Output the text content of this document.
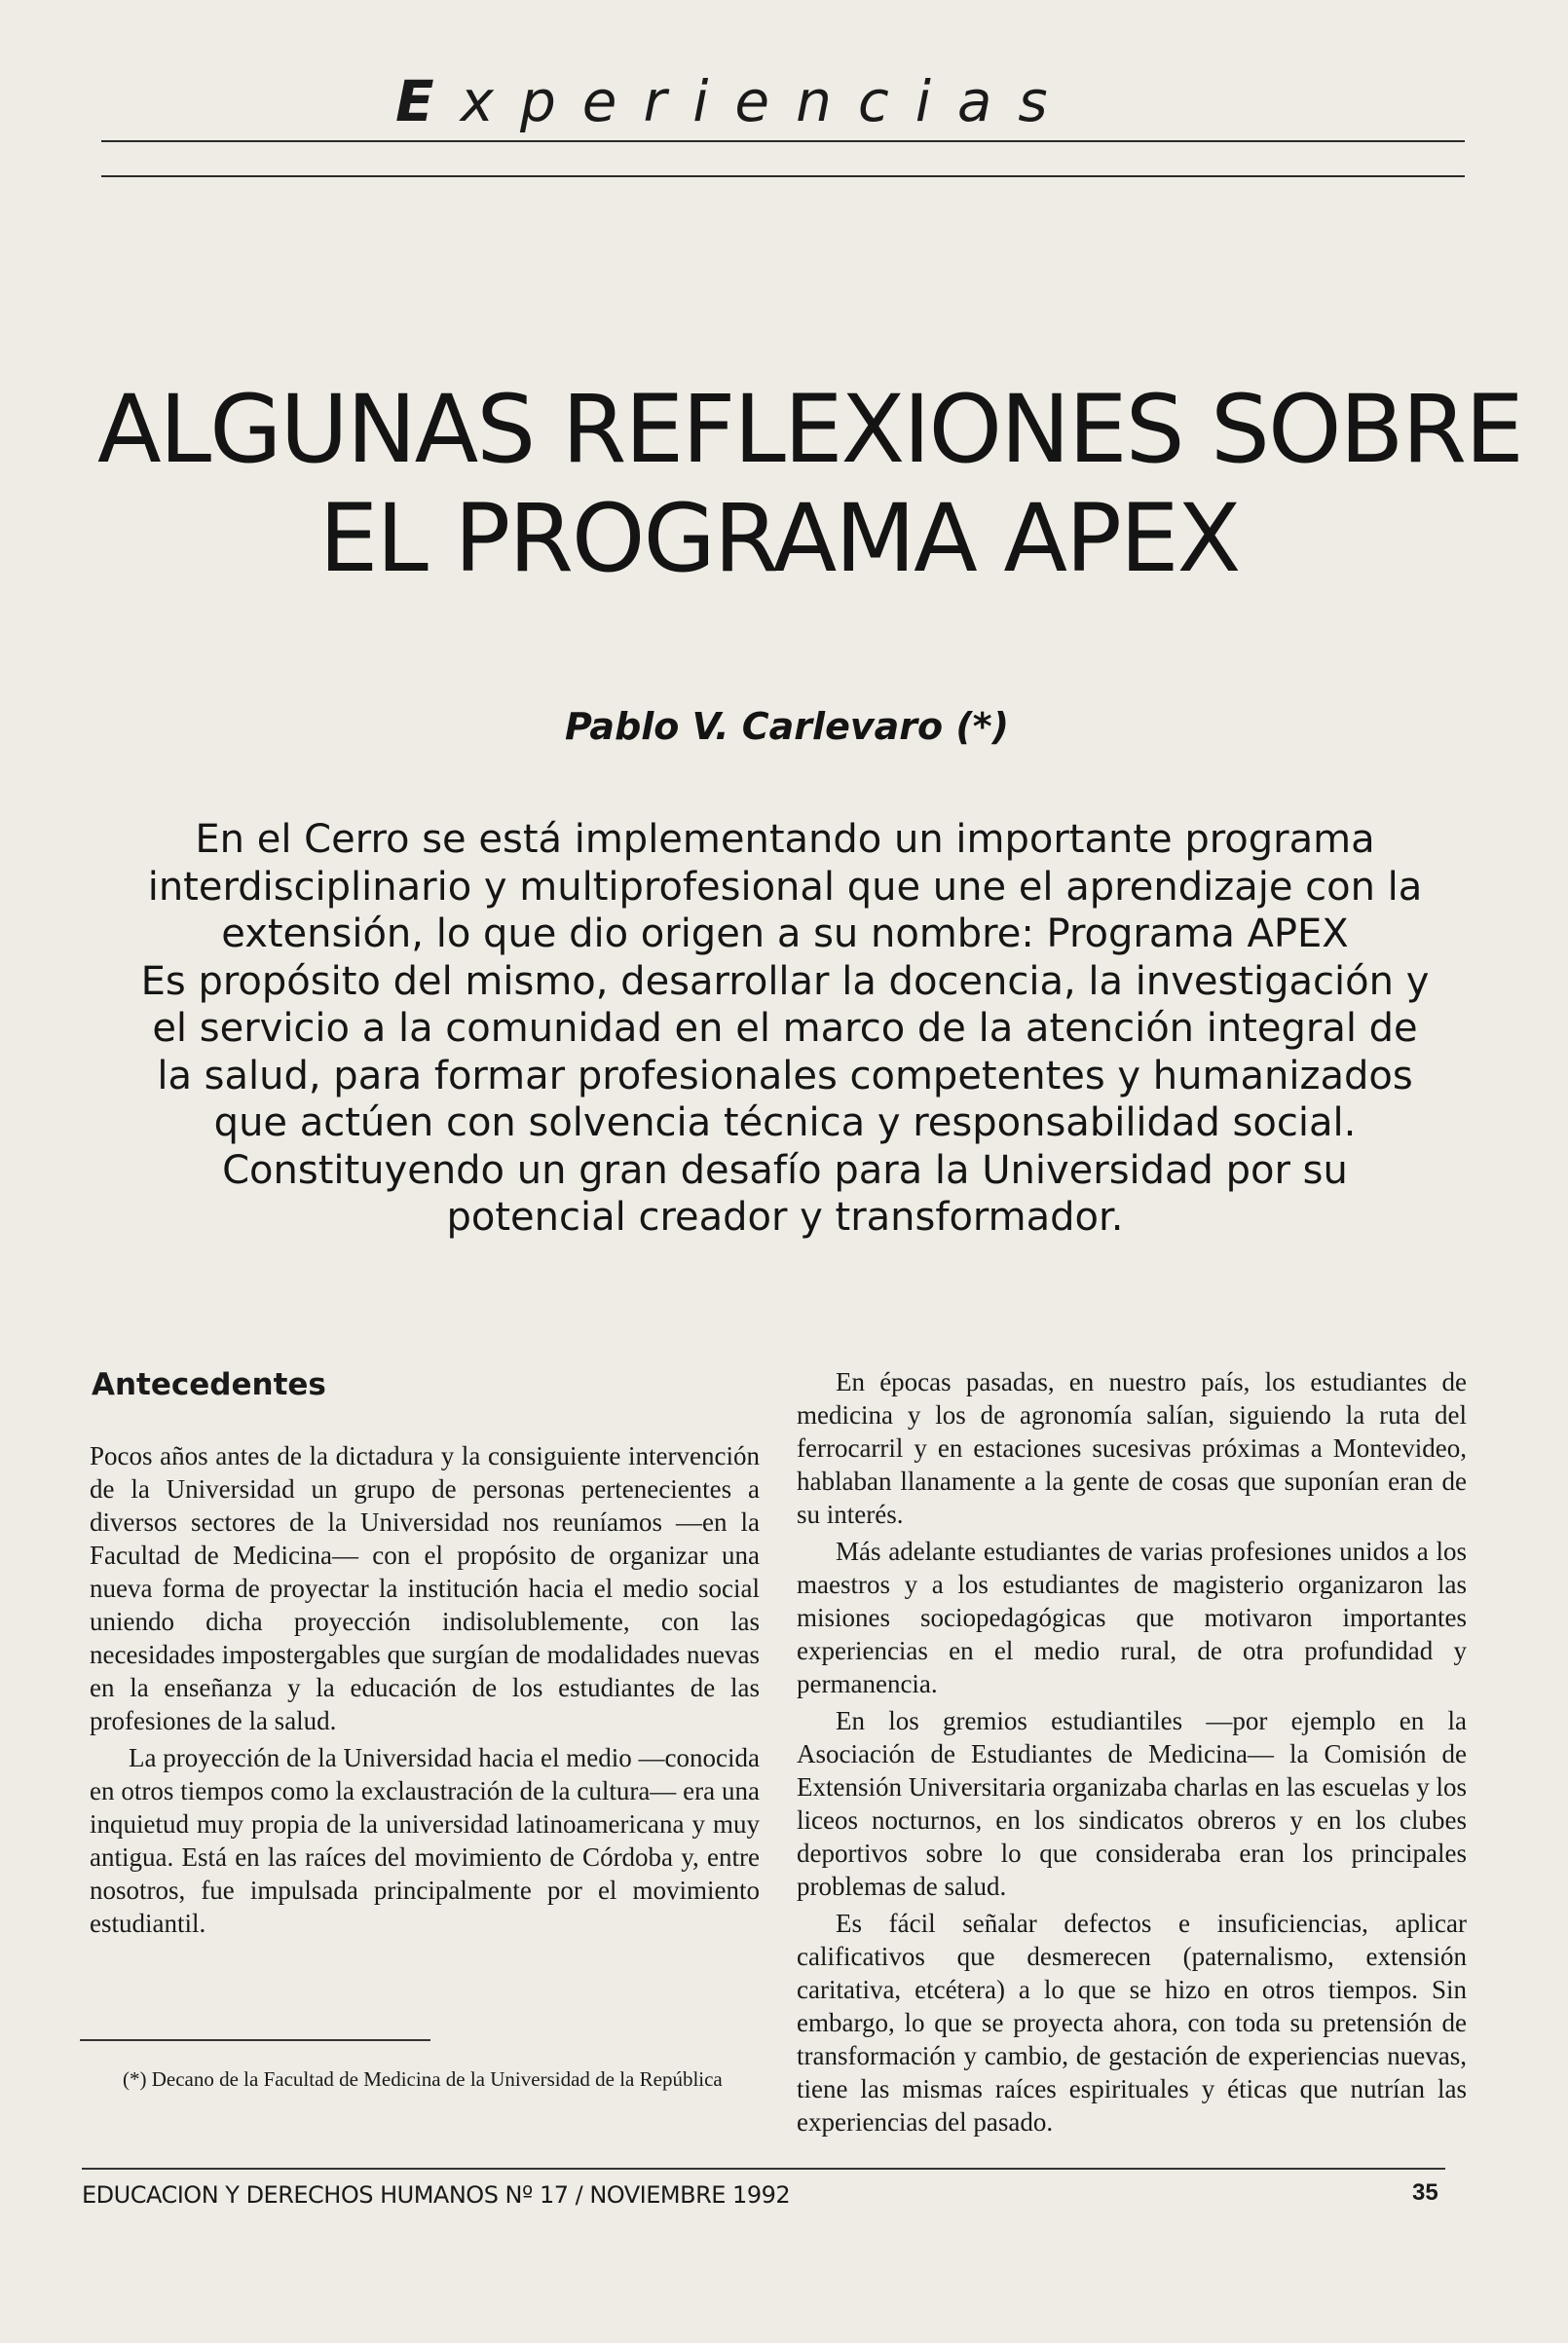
Experiencias
ALGUNAS REFLEXIONES SOBRE
EL PROGRAMA APEX
Pablo V. Carlevaro (*)
En el Cerro se está implementando un importante programa
interdisciplinario y multiprofesional que une el aprendizaje con la
extensión, lo que dio origen a su nombre: Programa APEX
Es propósito del mismo, desarrollar la docencia, la investigación y
el servicio a la comunidad en el marco de la atención integral de
la salud, para formar profesionales competentes y humanizados
que actúen con solvencia técnica y responsabilidad social.
Constituyendo un gran desafío para la Universidad por su
potencial creador y transformador.
Antecedentes

Pocos años antes de la dictadura y la consiguiente intervención de la Universidad un grupo de personas pertenecientes a diversos sectores de la Universidad nos reuníamos —en la Facultad de Medicina— con el propósito de organizar una nueva forma de proyectar la institución hacia el medio social uniendo dicha proyección indisolublemente, con las necesidades impostergables que surgían de modalidades nuevas en la enseñanza y la educación de los estudiantes de las profesiones de la salud.

La proyección de la Universidad hacia el medio —conocida en otros tiempos como la exclaustración de la cultura— era una inquietud muy propia de la universidad latinoamericana y muy antigua. Está en las raíces del movimiento de Córdoba y, entre nosotros, fue impulsada principalmente por el movimiento estudiantil.

En épocas pasadas, en nuestro país, los estudiantes de medicina y los de agronomía salían, siguiendo la ruta del ferrocarril y en estaciones sucesivas próximas a Montevideo, hablaban llanamente a la gente de cosas que suponían eran de su interés.

Más adelante estudiantes de varias profesiones unidos a los maestros y a los estudiantes de magisterio organizaron las misiones sociopedagógicas que motivaron importantes experiencias en el medio rural, de otra profundidad y permanencia.

En los gremios estudiantiles —por ejemplo en la Asociación de Estudiantes de Medicina— la Comisión de Extensión Universitaria organizaba charlas en las escuelas y los liceos nocturnos, en los sindicatos obreros y en los clubes deportivos sobre lo que consideraba eran los principales problemas de salud.

Es fácil señalar defectos e insuficiencias, aplicar calificativos que desmerecen (paternalismo, extensión caritativa, etcétera) a lo que se hizo en otros tiempos. Sin embargo, lo que se proyecta ahora, con toda su pretensión de transformación y cambio, de gestación de experiencias nuevas, tiene las mismas raíces espirituales y éticas que nutrían las experiencias del pasado.

(*) Decano de la Facultad de Medicina de la Universidad de la República
EDUCACION Y DERECHOS HUMANOS Nº 17 / NOVIEMBRE 1992	35
